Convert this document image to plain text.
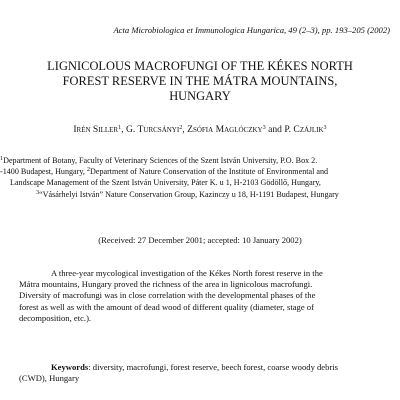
Acta Microbiologica et Immunologica Hungarica, 49 (2–3), pp. 193–205 (2002)
LIGNICOLOUS MACROFUNGI OF THE KÉKES NORTH
FOREST RESERVE IN THE MÁTRA MOUNTAINS,
HUNGARY
Irén Siller$^1$, G. Turcsányi$^2$, Zsófia Maglóczky$^3$ and P. Czájlik$^3$
$^1$Department of Botany, Faculty of Veterinary Sciences of the Szent István University, P.O. Box 2.
-1400 Budapest, Hungary, $^2$Department of Nature Conservation of the Institute of Environmental and
Landscape Management of the Szent István University, Páter K. u 1, H-2103 Gödöllő, Hungary,
$^3$“Vásárhelyi István” Nature Conservation Group, Kazinczy u 18, H-1191 Budapest, Hungary
(Received: 27 December 2001; accepted: 10 January 2002)
A three-year mycological investigation of the Kékes North forest reserve in the
Mátra mountains, Hungary proved the richness of the area in lignicolous macrofungi.
Diversity of macrofungi was in close correlation with the developmental phases of the
forest as well as with the amount of dead wood of different quality (diameter, stage of
decomposition, etc.).
Keywords: diversity, macrofungi, forest reserve, beech forest, coarse woody debris
(CWD), Hungary
